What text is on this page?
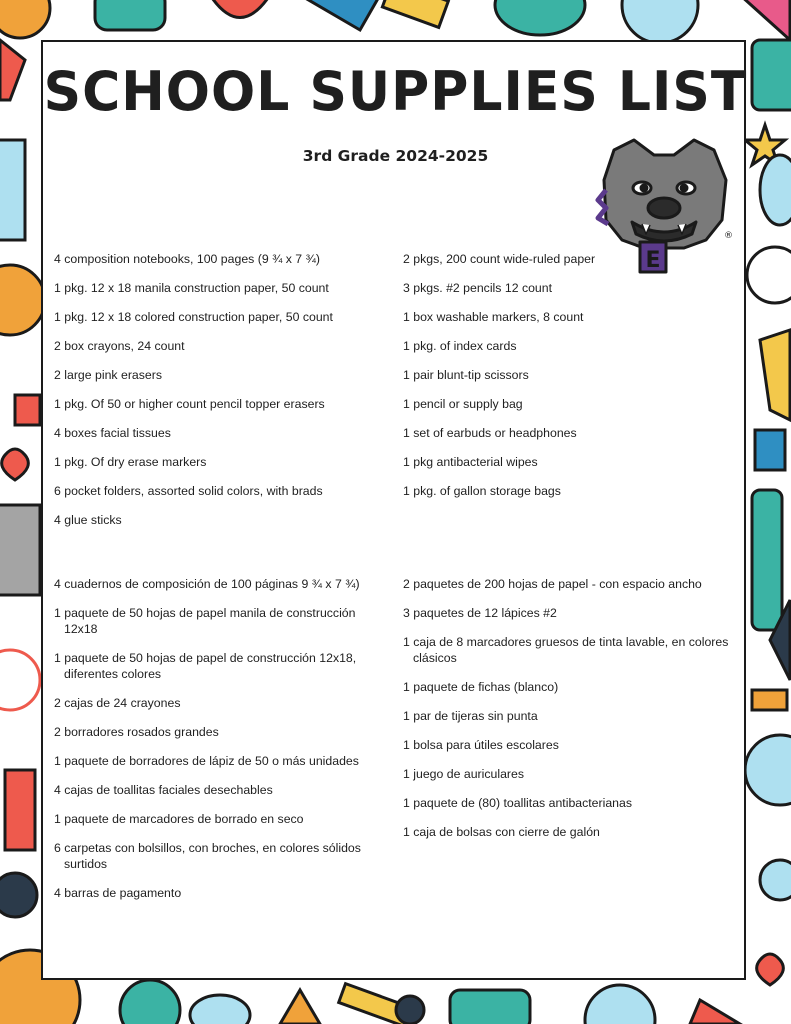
SCHOOL SUPPLIES LIST
3rd Grade 2024-2025
E
®
4 composition notebooks, 100 pages (9 ¾ x 7 ¾)
1 pkg. 12 x 18 manila construction paper, 50 count
1 pkg. 12 x 18 colored construction paper, 50 count
2 box crayons, 24 count
2 large pink erasers
1 pkg. Of 50 or higher count pencil topper erasers
4 boxes facial tissues
1 pkg. Of dry erase markers
6 pocket folders, assorted solid colors, with brads
4 glue sticks
2 pkgs, 200 count wide-ruled paper
3 pkgs. #2 pencils 12 count
1 box washable markers, 8 count
1 pkg. of index cards
1 pair blunt-tip scissors
1 pencil or supply bag
1 set of earbuds or headphones
1 pkg antibacterial wipes
1 pkg. of gallon storage bags
4 cuadernos de composición de 100 páginas 9 ¾ x 7 ¾)
1 paquete de 50 hojas de papel manila de construcción 12x18
1 paquete de 50 hojas de papel de construcción 12x18, diferentes colores
2 cajas de 24 crayones
2 borradores rosados grandes
1 paquete de borradores de lápiz de 50 o más unidades
4 cajas de toallitas faciales desechables
1 paquete de marcadores de borrado en seco
6 carpetas con bolsillos, con broches, en colores sólidos surtidos
4 barras de pagamento
2 paquetes de 200 hojas de papel - con espacio ancho
3 paquetes de 12 lápices #2
1 caja de 8 marcadores gruesos de tinta lavable, en colores clásicos
1 paquete de fichas (blanco)
1 par de tijeras sin punta
1 bolsa para útiles escolares
1 juego de auriculares
1 paquete de (80) toallitas antibacterianas
1 caja de bolsas con cierre de galón
